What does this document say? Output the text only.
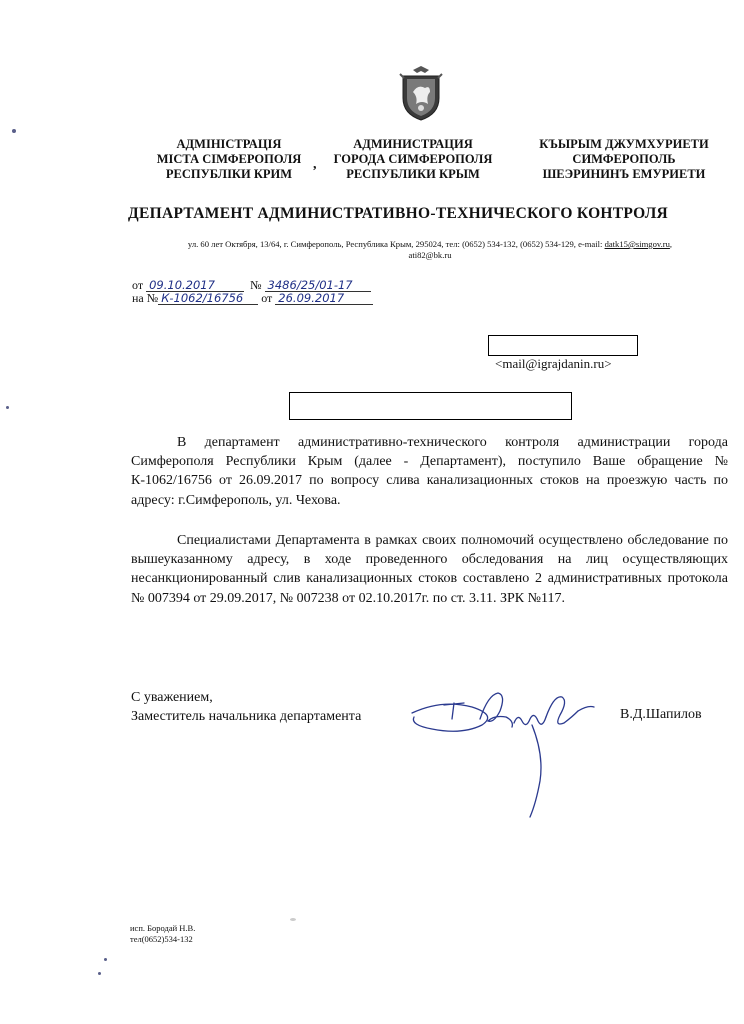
АДМІНІСТРАЦІЯ
МІСТА СІМФЕРОПОЛЯ
РЕСПУБЛІКИ КРИМ
,
АДМИНИСТРАЦИЯ
ГОРОДА СИМФЕРОПОЛЯ
РЕСПУБЛИКИ КРЫМ
КЪЫРЫМ ДЖУМХУРИЕТИ
СИМФЕРОПОЛЬ
ШЕЭРИНИНЪ ЕМУРИЕТИ
ДЕПАРТАМЕНТ АДМИНИСТРАТИВНО-ТЕХНИЧЕСКОГО КОНТРОЛЯ
ул. 60 лет Октября, 13/64, г. Симферополь, Республика Крым, 295024, тел: (0652) 534-132, (0652) 534-129, e-mail: datk15@simgov.ru,
ati82@bk.ru
от 09.10.2017	№ 3486/25/01-17
на № К-1062/16756 от 26.09.2017
<mail@igrajdanin.ru>
В департамент административно-технического контроля администрации города Симферополя Республики Крым (далее - Департамент), поступило Ваше обращение № К-1062/16756 от 26.09.2017 по вопросу слива канализационных стоков на проезжую часть по адресу: г.Симферополь, ул. Чехова.
Специалистами Департамента в рамках своих полномочий осуществлено обследование по вышеуказанному адресу, в ходе проведенного обследования на лиц осуществляющих несанкционированный слив канализационных стоков составлено 2 административных протокола № 007394 от 29.09.2017, № 007238 от 02.10.2017г. по ст. 3.11. ЗРК №117.
С уважением,
Заместитель начальника департамента	В.Д.Шапилов
исп. Бородай Н.В.
тел(0652)534-132
